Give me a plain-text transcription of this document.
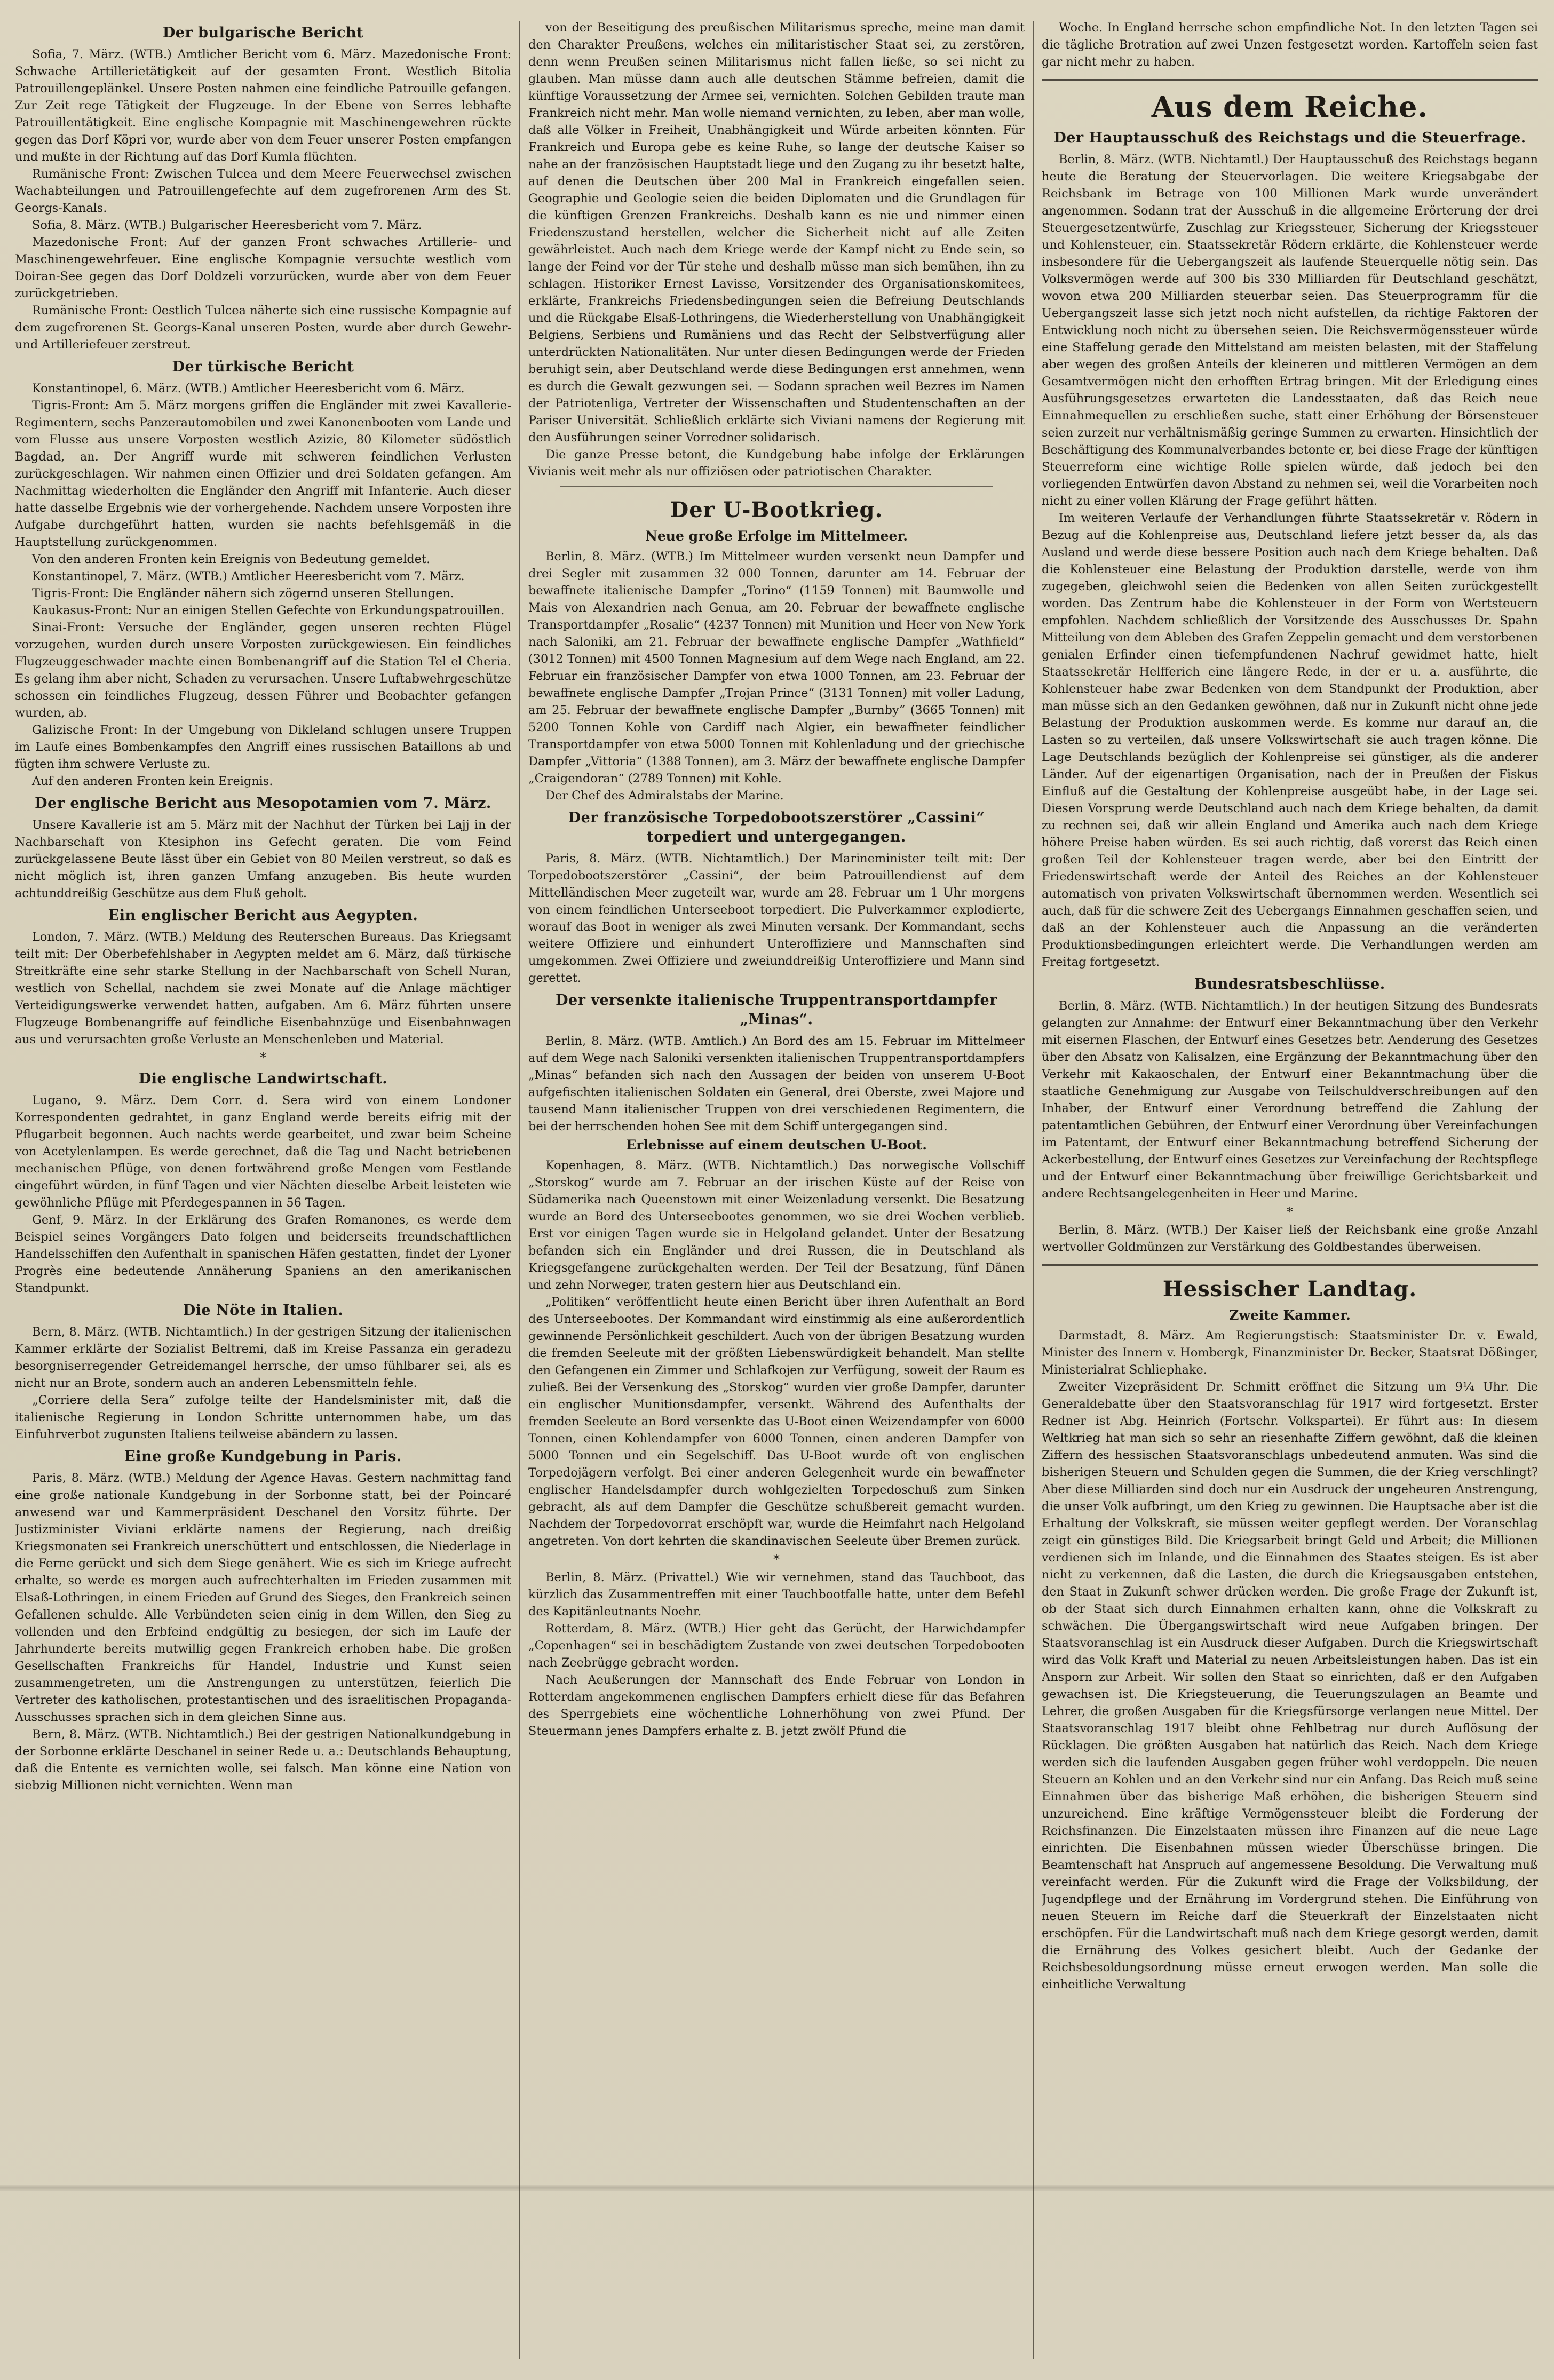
Der bulgarische Bericht
Sofia, 7. März. (WTB.) Amtlicher Bericht vom 6. März. Mazedonische Front: Schwache Artillerietätigkeit auf der gesamten Front. Westlich Bitolia Patrouillengeplänkel. Unsere Posten nahmen eine feindliche Patrouille gefangen. Zur Zeit rege Tätigkeit der Flugzeuge. In der Ebene von Serres lebhafte Patrouillentätigkeit. Eine englische Kompagnie mit Maschinengewehren rückte gegen das Dorf Köpri vor, wurde aber von dem Feuer unserer Posten empfangen und mußte in der Richtung auf das Dorf Kumla flüchten.
Rumänische Front: Zwischen Tulcea und dem Meere Feuerwechsel zwischen Wachabteilungen und Patrouillengefechte auf dem zugefrorenen Arm des St. Georgs-Kanals.
Sofia, 8. März. (WTB.) Bulgarischer Heeresbericht vom 7. März.
Mazedonische Front: Auf der ganzen Front schwaches Artillerie- und Maschinengewehrfeuer. Eine englische Kompagnie versuchte westlich vom Doiran-See gegen das Dorf Doldzeli vorzurücken, wurde aber von dem Feuer zurückgetrieben.
Rumänische Front: Oestlich Tulcea näherte sich eine russische Kompagnie auf dem zugefrorenen St. Georgs-Kanal unseren Posten, wurde aber durch Gewehr- und Artilleriefeuer zerstreut.
Der türkische Bericht
Konstantinopel, 6. März. (WTB.) Amtlicher Heeresbericht vom 6. März.
Tigris-Front: Am 5. März morgens griffen die Engländer mit zwei Kavallerie-Regimentern, sechs Panzerautomobilen und zwei Kanonenbooten vom Lande und vom Flusse aus unsere Vorposten westlich Azizie, 80 Kilometer südöstlich Bagdad, an. Der Angriff wurde mit schweren feindlichen Verlusten zurückgeschlagen. Wir nahmen einen Offizier und drei Soldaten gefangen. Am Nachmittag wiederholten die Engländer den Angriff mit Infanterie. Auch dieser hatte dasselbe Ergebnis wie der vorhergehende. Nachdem unsere Vorposten ihre Aufgabe durchgeführt hatten, wurden sie nachts befehlsgemäß in die Hauptstellung zurückgenommen.
Von den anderen Fronten kein Ereignis von Bedeutung gemeldet.
Konstantinopel, 7. März. (WTB.) Amtlicher Heeresbericht vom 7. März.
Tigris-Front: Die Engländer nähern sich zögernd unseren Stellungen.
Kaukasus-Front: Nur an einigen Stellen Gefechte von Erkundungspatrouillen.
Sinai-Front: Versuche der Engländer, gegen unseren rechten Flügel vorzugehen, wurden durch unsere Vorposten zurückgewiesen. Ein feindliches Flugzeuggeschwader machte einen Bombenangriff auf die Station Tel el Cheria. Es gelang ihm aber nicht, Schaden zu verursachen. Unsere Luftabwehrgeschütze schossen ein feindliches Flugzeug, dessen Führer und Beobachter gefangen wurden, ab.
Galizische Front: In der Umgebung von Dikleland schlugen unsere Truppen im Laufe eines Bombenkampfes den Angriff eines russischen Bataillons ab und fügten ihm schwere Verluste zu.
Auf den anderen Fronten kein Ereignis.
Der englische Bericht aus Mesopotamien vom 7. März.
Unsere Kavallerie ist am 5. März mit der Nachhut der Türken bei Lajj in der Nachbarschaft von Ktesiphon ins Gefecht geraten. Die vom Feind zurückgelassene Beute lässt über ein Gebiet von 80 Meilen verstreut, so daß es nicht möglich ist, ihren ganzen Umfang anzugeben. Bis heute wurden achtunddreißig Geschütze aus dem Fluß geholt.
Ein englischer Bericht aus Aegypten.
London, 7. März. (WTB.) Meldung des Reuterschen Bureaus. Das Kriegsamt teilt mit: Der Oberbefehlshaber in Aegypten meldet am 6. März, daß türkische Streitkräfte eine sehr starke Stellung in der Nachbarschaft von Schell Nuran, westlich von Schellal, nachdem sie zwei Monate auf die Anlage mächtiger Verteidigungswerke verwendet hatten, aufgaben. Am 6. März führten unsere Flugzeuge Bombenangriffe auf feindliche Eisenbahnzüge und Eisenbahnwagen aus und verursachten große Verluste an Menschenleben und Material.
*
Die englische Landwirtschaft.
Lugano, 9. März. Dem Corr. d. Sera wird von einem Londoner Korrespondenten gedrahtet, in ganz England werde bereits eifrig mit der Pflugarbeit begonnen. Auch nachts werde gearbeitet, und zwar beim Scheine von Acetylenlampen. Es werde gerechnet, daß die Tag und Nacht betriebenen mechanischen Pflüge, von denen fortwährend große Mengen vom Festlande eingeführt würden, in fünf Tagen und vier Nächten dieselbe Arbeit leisteten wie gewöhnliche Pflüge mit Pferdegespannen in 56 Tagen.
Genf, 9. März. In der Erklärung des Grafen Romanones, es werde dem Beispiel seines Vorgängers Dato folgen und beiderseits freundschaftlichen Handelsschiffen den Aufenthalt in spanischen Häfen gestatten, findet der Lyoner Progrès eine bedeutende Annäherung Spaniens an den amerikanischen Standpunkt.
Die Nöte in Italien.
Bern, 8. März. (WTB. Nichtamtlich.) In der gestrigen Sitzung der italienischen Kammer erklärte der Sozialist Beltremi, daß im Kreise Passanza ein geradezu besorgniserregender Getreidemangel herrsche, der umso fühlbarer sei, als es nicht nur an Brote, sondern auch an anderen Lebensmitteln fehle.
„Corriere della Sera“ zufolge teilte der Handelsminister mit, daß die italienische Regierung in London Schritte unternommen habe, um das Einfuhrverbot zugunsten Italiens teilweise abändern zu lassen.
Eine große Kundgebung in Paris.
Paris, 8. März. (WTB.) Meldung der Agence Havas. Gestern nachmittag fand eine große nationale Kundgebung in der Sorbonne statt, bei der Poincaré anwesend war und Kammerpräsident Deschanel den Vorsitz führte. Der Justizminister Viviani erklärte namens der Regierung, nach dreißig Kriegsmonaten sei Frankreich unerschüttert und entschlossen, die Niederlage in die Ferne gerückt und sich dem Siege genähert. Wie es sich im Kriege aufrecht erhalte, so werde es morgen auch aufrechterhalten im Frieden zusammen mit Elsaß-Lothringen, in einem Frieden auf Grund des Sieges, den Frankreich seinen Gefallenen schulde. Alle Verbündeten seien einig in dem Willen, den Sieg zu vollenden und den Erbfeind endgültig zu besiegen, der sich im Laufe der Jahrhunderte bereits mutwillig gegen Frankreich erhoben habe. Die großen Gesellschaften Frankreichs für Handel, Industrie und Kunst seien zusammengetreten, um die Anstrengungen zu unterstützen, feierlich Die Vertreter des katholischen, protestantischen und des israelitischen Propaganda-Ausschusses sprachen sich in dem gleichen Sinne aus.
Bern, 8. März. (WTB. Nichtamtlich.) Bei der gestrigen Nationalkundgebung in der Sorbonne erklärte Deschanel in seiner Rede u. a.: Deutschlands Behauptung, daß die Entente es vernichten wolle, sei falsch. Man könne eine Nation von siebzig Millionen nicht vernichten. Wenn man
von der Beseitigung des preußischen Militarismus spreche, meine man damit den Charakter Preußens, welches ein militaristischer Staat sei, zu zerstören, denn wenn Preußen seinen Militarismus nicht fallen ließe, so sei nicht zu glauben. Man müsse dann auch alle deutschen Stämme befreien, damit die künftige Voraussetzung der Armee sei, vernichten. Solchen Gebilden traute man Frankreich nicht mehr. Man wolle niemand vernichten, zu leben, aber man wolle, daß alle Völker in Freiheit, Unabhängigkeit und Würde arbeiten könnten. Für Frankreich und Europa gebe es keine Ruhe, so lange der deutsche Kaiser so nahe an der französischen Hauptstadt liege und den Zugang zu ihr besetzt halte, auf denen die Deutschen über 200 Mal in Frankreich eingefallen seien. Geographie und Geologie seien die beiden Diplomaten und die Grundlagen für die künftigen Grenzen Frankreichs. Deshalb kann es nie und nimmer einen Friedenszustand herstellen, welcher die Sicherheit nicht auf alle Zeiten gewährleistet. Auch nach dem Kriege werde der Kampf nicht zu Ende sein, so lange der Feind vor der Tür stehe und deshalb müsse man sich bemühen, ihn zu schlagen. Historiker Ernest Lavisse, Vorsitzender des Organisationskomitees, erklärte, Frankreichs Friedensbedingungen seien die Befreiung Deutschlands und die Rückgabe Elsaß-Lothringens, die Wiederherstellung von Unabhängigkeit Belgiens, Serbiens und Rumäniens und das Recht der Selbstverfügung aller unterdrückten Nationalitäten. Nur unter diesen Bedingungen werde der Frieden beruhigt sein, aber Deutschland werde diese Bedingungen erst annehmen, wenn es durch die Gewalt gezwungen sei. — Sodann sprachen weil Bezres im Namen der Patriotenliga, Vertreter der Wissenschaften und Studentenschaften an der Pariser Universität. Schließlich erklärte sich Viviani namens der Regierung mit den Ausführungen seiner Vorredner solidarisch.
Die ganze Presse betont, die Kundgebung habe infolge der Erklärungen Vivianis weit mehr als nur offiziösen oder patriotischen Charakter.
Der U-Bootkrieg.
Neue große Erfolge im Mittelmeer.
Berlin, 8. März. (WTB.) Im Mittelmeer wurden versenkt neun Dampfer und drei Segler mit zusammen 32 000 Tonnen, darunter am 14. Februar der bewaffnete italienische Dampfer „Torino“ (1159 Tonnen) mit Baumwolle und Mais von Alexandrien nach Genua, am 20. Februar der bewaffnete englische Transportdampfer „Rosalie“ (4237 Tonnen) mit Munition und Heer von New York nach Saloniki, am 21. Februar der bewaffnete englische Dampfer „Wathfield“ (3012 Tonnen) mit 4500 Tonnen Magnesium auf dem Wege nach England, am 22. Februar ein französischer Dampfer von etwa 1000 Tonnen, am 23. Februar der bewaffnete englische Dampfer „Trojan Prince“ (3131 Tonnen) mit voller Ladung, am 25. Februar der bewaffnete englische Dampfer „Burnby“ (3665 Tonnen) mit 5200 Tonnen Kohle von Cardiff nach Algier, ein bewaffneter feindlicher Transportdampfer von etwa 5000 Tonnen mit Kohlenladung und der griechische Dampfer „Vittoria“ (1388 Tonnen), am 3. März der bewaffnete englische Dampfer „Craigendoran“ (2789 Tonnen) mit Kohle.
Der Chef des Admiralstabs der Marine.
Der französische Torpedobootszerstörer „Cassini“ torpediert und untergegangen.
Paris, 8. März. (WTB. Nichtamtlich.) Der Marineminister teilt mit: Der Torpedobootszerstörer „Cassini“, der beim Patrouillendienst auf dem Mittelländischen Meer zugeteilt war, wurde am 28. Februar um 1 Uhr morgens von einem feindlichen Unterseeboot torpediert. Die Pulverkammer explodierte, worauf das Boot in weniger als zwei Minuten versank. Der Kommandant, sechs weitere Offiziere und einhundert Unteroffiziere und Mannschaften sind umgekommen. Zwei Offiziere und zweiunddreißig Unteroffiziere und Mann sind gerettet.
Der versenkte italienische Truppentransportdampfer „Minas“.
Berlin, 8. März. (WTB. Amtlich.) An Bord des am 15. Februar im Mittelmeer auf dem Wege nach Saloniki versenkten italienischen Truppentransportdampfers „Minas“ befanden sich nach den Aussagen der beiden von unserem U-Boot aufgefischten italienischen Soldaten ein General, drei Oberste, zwei Majore und tausend Mann italienischer Truppen von drei verschiedenen Regimentern, die bei der herrschenden hohen See mit dem Schiff untergegangen sind.
Erlebnisse auf einem deutschen U-Boot.
Kopenhagen, 8. März. (WTB. Nichtamtlich.) Das norwegische Vollschiff „Storskog“ wurde am 7. Februar an der irischen Küste auf der Reise von Südamerika nach Queenstown mit einer Weizenladung versenkt. Die Besatzung wurde an Bord des Unterseebootes genommen, wo sie drei Wochen verblieb. Erst vor einigen Tagen wurde sie in Helgoland gelandet. Unter der Besatzung befanden sich ein Engländer und drei Russen, die in Deutschland als Kriegsgefangene zurückgehalten werden. Der Teil der Besatzung, fünf Dänen und zehn Norweger, traten gestern hier aus Deutschland ein.
„Politiken“ veröffentlicht heute einen Bericht über ihren Aufenthalt an Bord des Unterseebootes. Der Kommandant wird einstimmig als eine außerordentlich gewinnende Persönlichkeit geschildert. Auch von der übrigen Besatzung wurden die fremden Seeleute mit der größten Liebenswürdigkeit behandelt. Man stellte den Gefangenen ein Zimmer und Schlafkojen zur Verfügung, soweit der Raum es zuließ. Bei der Versenkung des „Storskog“ wurden vier große Dampfer, darunter ein englischer Munitionsdampfer, versenkt. Während des Aufenthalts der fremden Seeleute an Bord versenkte das U-Boot einen Weizendampfer von 6000 Tonnen, einen Kohlendampfer von 6000 Tonnen, einen anderen Dampfer von 5000 Tonnen und ein Segelschiff. Das U-Boot wurde oft von englischen Torpedojägern verfolgt. Bei einer anderen Gelegenheit wurde ein bewaffneter englischer Handelsdampfer durch wohlgezielten Torpedoschuß zum Sinken gebracht, als auf dem Dampfer die Geschütze schußbereit gemacht wurden. Nachdem der Torpedovorrat erschöpft war, wurde die Heimfahrt nach Helgoland angetreten. Von dort kehrten die skandinavischen Seeleute über Bremen zurück.
*
Berlin, 8. März. (Privattel.) Wie wir vernehmen, stand das Tauchboot, das kürzlich das Zusammentreffen mit einer Tauchbootfalle hatte, unter dem Befehl des Kapitänleutnants Noehr.
Rotterdam, 8. März. (WTB.) Hier geht das Gerücht, der Harwichdampfer „Copenhagen“ sei in beschädigtem Zustande von zwei deutschen Torpedobooten nach Zeebrügge gebracht worden.
Nach Aeußerungen der Mannschaft des Ende Februar von London in Rotterdam angekommenen englischen Dampfers erhielt diese für das Befahren des Sperrgebiets eine wöchentliche Lohnerhöhung von zwei Pfund. Der Steuermann jenes Dampfers erhalte z. B. jetzt zwölf Pfund die
Woche. In England herrsche schon empfindliche Not. In den letzten Tagen sei die tägliche Brotration auf zwei Unzen festgesetzt worden. Kartoffeln seien fast gar nicht mehr zu haben.
Aus dem Reiche.
Der Hauptausschuß des Reichstags und die Steuerfrage.
Berlin, 8. März. (WTB. Nichtamtl.) Der Hauptausschuß des Reichstags begann heute die Beratung der Steuervorlagen. Die weitere Kriegsabgabe der Reichsbank im Betrage von 100 Millionen Mark wurde unverändert angenommen. Sodann trat der Ausschuß in die allgemeine Erörterung der drei Steuergesetzentwürfe, Zuschlag zur Kriegssteuer, Sicherung der Kriegssteuer und Kohlensteuer, ein. Staatssekretär Rödern erklärte, die Kohlensteuer werde insbesondere für die Uebergangszeit als laufende Steuerquelle nötig sein. Das Volksvermögen werde auf 300 bis 330 Milliarden für Deutschland geschätzt, wovon etwa 200 Milliarden steuerbar seien. Das Steuerprogramm für die Uebergangszeit lasse sich jetzt noch nicht aufstellen, da richtige Faktoren der Entwicklung noch nicht zu übersehen seien. Die Reichsvermögenssteuer würde eine Staffelung gerade den Mittelstand am meisten belasten, mit der Staffelung aber wegen des großen Anteils der kleineren und mittleren Vermögen an dem Gesamtvermögen nicht den erhofften Ertrag bringen. Mit der Erledigung eines Ausführungsgesetzes erwarteten die Landesstaaten, daß das Reich neue Einnahmequellen zu erschließen suche, statt einer Erhöhung der Börsensteuer seien zurzeit nur verhältnismäßig geringe Summen zu erwarten. Hinsichtlich der Beschäftigung des Kommunalverbandes betonte er, bei diese Frage der künftigen Steuerreform eine wichtige Rolle spielen würde, daß jedoch bei den vorliegenden Entwürfen davon Abstand zu nehmen sei, weil die Vorarbeiten noch nicht zu einer vollen Klärung der Frage geführt hätten.
Im weiteren Verlaufe der Verhandlungen führte Staatssekretär v. Rödern in Bezug auf die Kohlenpreise aus, Deutschland liefere jetzt besser da, als das Ausland und werde diese bessere Position auch nach dem Kriege behalten. Daß die Kohlensteuer eine Belastung der Produktion darstelle, werde von ihm zugegeben, gleichwohl seien die Bedenken von allen Seiten zurückgestellt worden. Das Zentrum habe die Kohlensteuer in der Form von Wertsteuern empfohlen. Nachdem schließlich der Vorsitzende des Ausschusses Dr. Spahn Mitteilung von dem Ableben des Grafen Zeppelin gemacht und dem verstorbenen genialen Erfinder einen tiefempfundenen Nachruf gewidmet hatte, hielt Staatssekretär Helfferich eine längere Rede, in der er u. a. ausführte, die Kohlensteuer habe zwar Bedenken von dem Standpunkt der Produktion, aber man müsse sich an den Gedanken gewöhnen, daß nur in Zukunft nicht ohne jede Belastung der Produktion auskommen werde. Es komme nur darauf an, die Lasten so zu verteilen, daß unsere Volkswirtschaft sie auch tragen könne. Die Lage Deutschlands bezüglich der Kohlenpreise sei günstiger, als die anderer Länder. Auf der eigenartigen Organisation, nach der in Preußen der Fiskus Einfluß auf die Gestaltung der Kohlenpreise ausgeübt habe, in der Lage sei. Diesen Vorsprung werde Deutschland auch nach dem Kriege behalten, da damit zu rechnen sei, daß wir allein England und Amerika auch nach dem Kriege höhere Preise haben würden. Es sei auch richtig, daß vorerst das Reich einen großen Teil der Kohlensteuer tragen werde, aber bei den Eintritt der Friedenswirtschaft werde der Anteil des Reiches an der Kohlensteuer automatisch von privaten Volkswirtschaft übernommen werden. Wesentlich sei auch, daß für die schwere Zeit des Uebergangs Einnahmen geschaffen seien, und daß an der Kohlensteuer auch die Anpassung an die veränderten Produktionsbedingungen erleichtert werde. Die Verhandlungen werden am Freitag fortgesetzt.
Bundesratsbeschlüsse.
Berlin, 8. März. (WTB. Nichtamtlich.) In der heutigen Sitzung des Bundesrats gelangten zur Annahme: der Entwurf einer Bekanntmachung über den Verkehr mit eisernen Flaschen, der Entwurf eines Gesetzes betr. Aenderung des Gesetzes über den Absatz von Kalisalzen, eine Ergänzung der Bekanntmachung über den Verkehr mit Kakaoschalen, der Entwurf einer Bekanntmachung über die staatliche Genehmigung zur Ausgabe von Teilschuldverschreibungen auf den Inhaber, der Entwurf einer Verordnung betreffend die Zahlung der patentamtlichen Gebühren, der Entwurf einer Verordnung über Vereinfachungen im Patentamt, der Entwurf einer Bekanntmachung betreffend Sicherung der Ackerbestellung, der Entwurf eines Gesetzes zur Vereinfachung der Rechtspflege und der Entwurf einer Bekanntmachung über freiwillige Gerichtsbarkeit und andere Rechtsangelegenheiten in Heer und Marine.
*
Berlin, 8. März. (WTB.) Der Kaiser ließ der Reichsbank eine große Anzahl wertvoller Goldmünzen zur Verstärkung des Goldbestandes überweisen.
Hessischer Landtag.
Zweite Kammer.
Darmstadt, 8. März. Am Regierungstisch: Staatsminister Dr. v. Ewald, Minister des Innern v. Hombergk, Finanzminister Dr. Becker, Staatsrat Dößinger, Ministerialrat Schliephake.
Zweiter Vizepräsident Dr. Schmitt eröffnet die Sitzung um 9¼ Uhr. Die Generaldebatte über den Staatsvoranschlag für 1917 wird fortgesetzt. Erster Redner ist Abg. Heinrich (Fortschr. Volkspartei). Er führt aus: In diesem Weltkrieg hat man sich so sehr an riesenhafte Ziffern gewöhnt, daß die kleinen Ziffern des hessischen Staatsvoranschlags unbedeutend anmuten. Was sind die bisherigen Steuern und Schulden gegen die Summen, die der Krieg verschlingt? Aber diese Milliarden sind doch nur ein Ausdruck der ungeheuren Anstrengung, die unser Volk aufbringt, um den Krieg zu gewinnen. Die Hauptsache aber ist die Erhaltung der Volkskraft, sie müssen weiter gepflegt werden. Der Voranschlag zeigt ein günstiges Bild. Die Kriegsarbeit bringt Geld und Arbeit; die Millionen verdienen sich im Inlande, und die Einnahmen des Staates steigen. Es ist aber nicht zu verkennen, daß die Lasten, die durch die Kriegsausgaben entstehen, den Staat in Zukunft schwer drücken werden. Die große Frage der Zukunft ist, ob der Staat sich durch Einnahmen erhalten kann, ohne die Volkskraft zu schwächen. Die Übergangswirtschaft wird neue Aufgaben bringen. Der Staatsvoranschlag ist ein Ausdruck dieser Aufgaben. Durch die Kriegswirtschaft wird das Volk Kraft und Material zu neuen Arbeitsleistungen haben. Das ist ein Ansporn zur Arbeit. Wir sollen den Staat so einrichten, daß er den Aufgaben gewachsen ist. Die Kriegsteuerung, die Teuerungszulagen an Beamte und Lehrer, die großen Ausgaben für die Kriegsfürsorge verlangen neue Mittel. Der Staatsvoranschlag 1917 bleibt ohne Fehlbetrag nur durch Auflösung der Rücklagen. Die größten Ausgaben hat natürlich das Reich. Nach dem Kriege werden sich die laufenden Ausgaben gegen früher wohl verdoppeln. Die neuen Steuern an Kohlen und an den Verkehr sind nur ein Anfang. Das Reich muß seine Einnahmen über das bisherige Maß erhöhen, die bisherigen Steuern sind unzureichend. Eine kräftige Vermögenssteuer bleibt die Forderung der Reichsfinanzen. Die Einzelstaaten müssen ihre Finanzen auf die neue Lage einrichten. Die Eisenbahnen müssen wieder Überschüsse bringen. Die Beamtenschaft hat Anspruch auf angemessene Besoldung. Die Verwaltung muß vereinfacht werden. Für die Zukunft wird die Frage der Volksbildung, der Jugendpflege und der Ernährung im Vordergrund stehen. Die Einführung von neuen Steuern im Reiche darf die Steuerkraft der Einzelstaaten nicht erschöpfen. Für die Landwirtschaft muß nach dem Kriege gesorgt werden, damit die Ernährung des Volkes gesichert bleibt. Auch der Gedanke der Reichsbesoldungsordnung müsse erneut erwogen werden. Man solle die einheitliche Verwaltung
